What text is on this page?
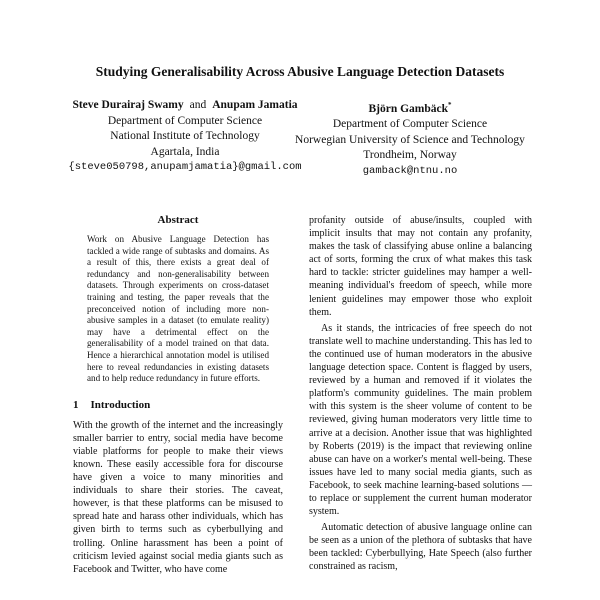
Studying Generalisability Across Abusive Language Detection Datasets
Steve Durairaj Swamy and Anupam Jamatia
Department of Computer Science
National Institute of Technology
Agartala, India
{steve050798,anupamjamatia}@gmail.com
Björn Gambäck*
Department of Computer Science
Norwegian University of Science and Technology
Trondheim, Norway
gamback@ntnu.no
Abstract

Work on Abusive Language Detection has tackled a wide range of subtasks and domains. As a result of this, there exists a great deal of redundancy and non-generalisability between datasets. Through experiments on cross-dataset training and testing, the paper reveals that the preconceived notion of including more non-abusive samples in a dataset (to emulate reality) may have a detrimental effect on the generalisability of a model trained on that data. Hence a hierarchical annotation model is utilised here to reveal redundancies in existing datasets and to help reduce redundancy in future efforts.

1 Introduction

With the growth of the internet and the increasingly smaller barrier to entry, social media have become viable platforms for people to make their views known. These easily accessible fora for discourse have given a voice to many minorities and individuals to share their stories. The caveat, however, is that these platforms can be misused to spread hate and harass other individuals, which has given birth to terms such as cyberbullying and trolling. Online harassment has been a point of criticism levied against social media giants such as Facebook and Twitter, who have come

profanity outside of abuse/insults, coupled with implicit insults that may not contain any profanity, makes the task of classifying abuse online a balancing act of sorts, forming the crux of what makes this task hard to tackle: stricter guidelines may hamper a well-meaning individual's freedom of speech, while more lenient guidelines may empower those who exploit them.

As it stands, the intricacies of free speech do not translate well to machine understanding. This has led to the continued use of human moderators in the abusive language detection space. Content is flagged by users, reviewed by a human and removed if it violates the platform's community guidelines. The main problem with this system is the sheer volume of content to be reviewed, giving human moderators very little time to arrive at a decision. Another issue that was highlighted by Roberts (2019) is the impact that reviewing online abuse can have on a worker's mental well-being. These issues have led to many social media giants, such as Facebook, to seek machine learning-based solutions — to replace or supplement the current human moderator system.

Automatic detection of abusive language online can be seen as a union of the plethora of subtasks that have been tackled: Cyberbullying, Hate Speech (also further constrained as racism,
